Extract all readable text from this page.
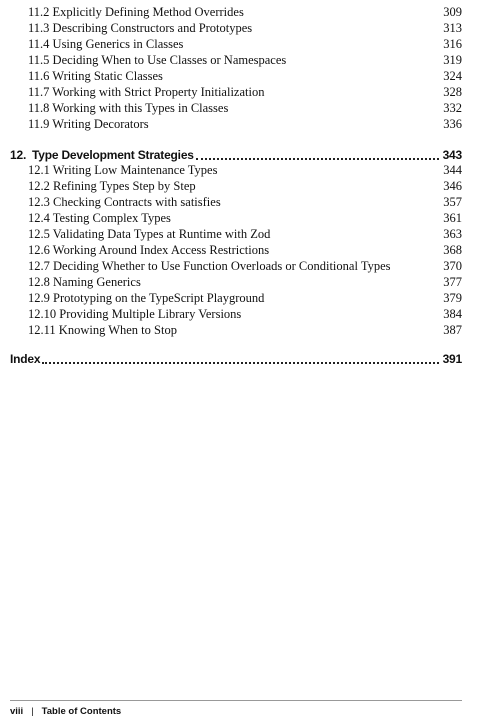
11.2 Explicitly Defining Method Overrides	309
11.3 Describing Constructors and Prototypes	313
11.4 Using Generics in Classes	316
11.5 Deciding When to Use Classes or Namespaces	319
11.6 Writing Static Classes	324
11.7 Working with Strict Property Initialization	328
11.8 Working with this Types in Classes	332
11.9 Writing Decorators	336
12. Type Development Strategies	343
12.1 Writing Low Maintenance Types	344
12.2 Refining Types Step by Step	346
12.3 Checking Contracts with satisfies	357
12.4 Testing Complex Types	361
12.5 Validating Data Types at Runtime with Zod	363
12.6 Working Around Index Access Restrictions	368
12.7 Deciding Whether to Use Function Overloads or Conditional Types	370
12.8 Naming Generics	377
12.9 Prototyping on the TypeScript Playground	379
12.10 Providing Multiple Library Versions	384
12.11 Knowing When to Stop	387
Index	391
viii | Table of Contents
